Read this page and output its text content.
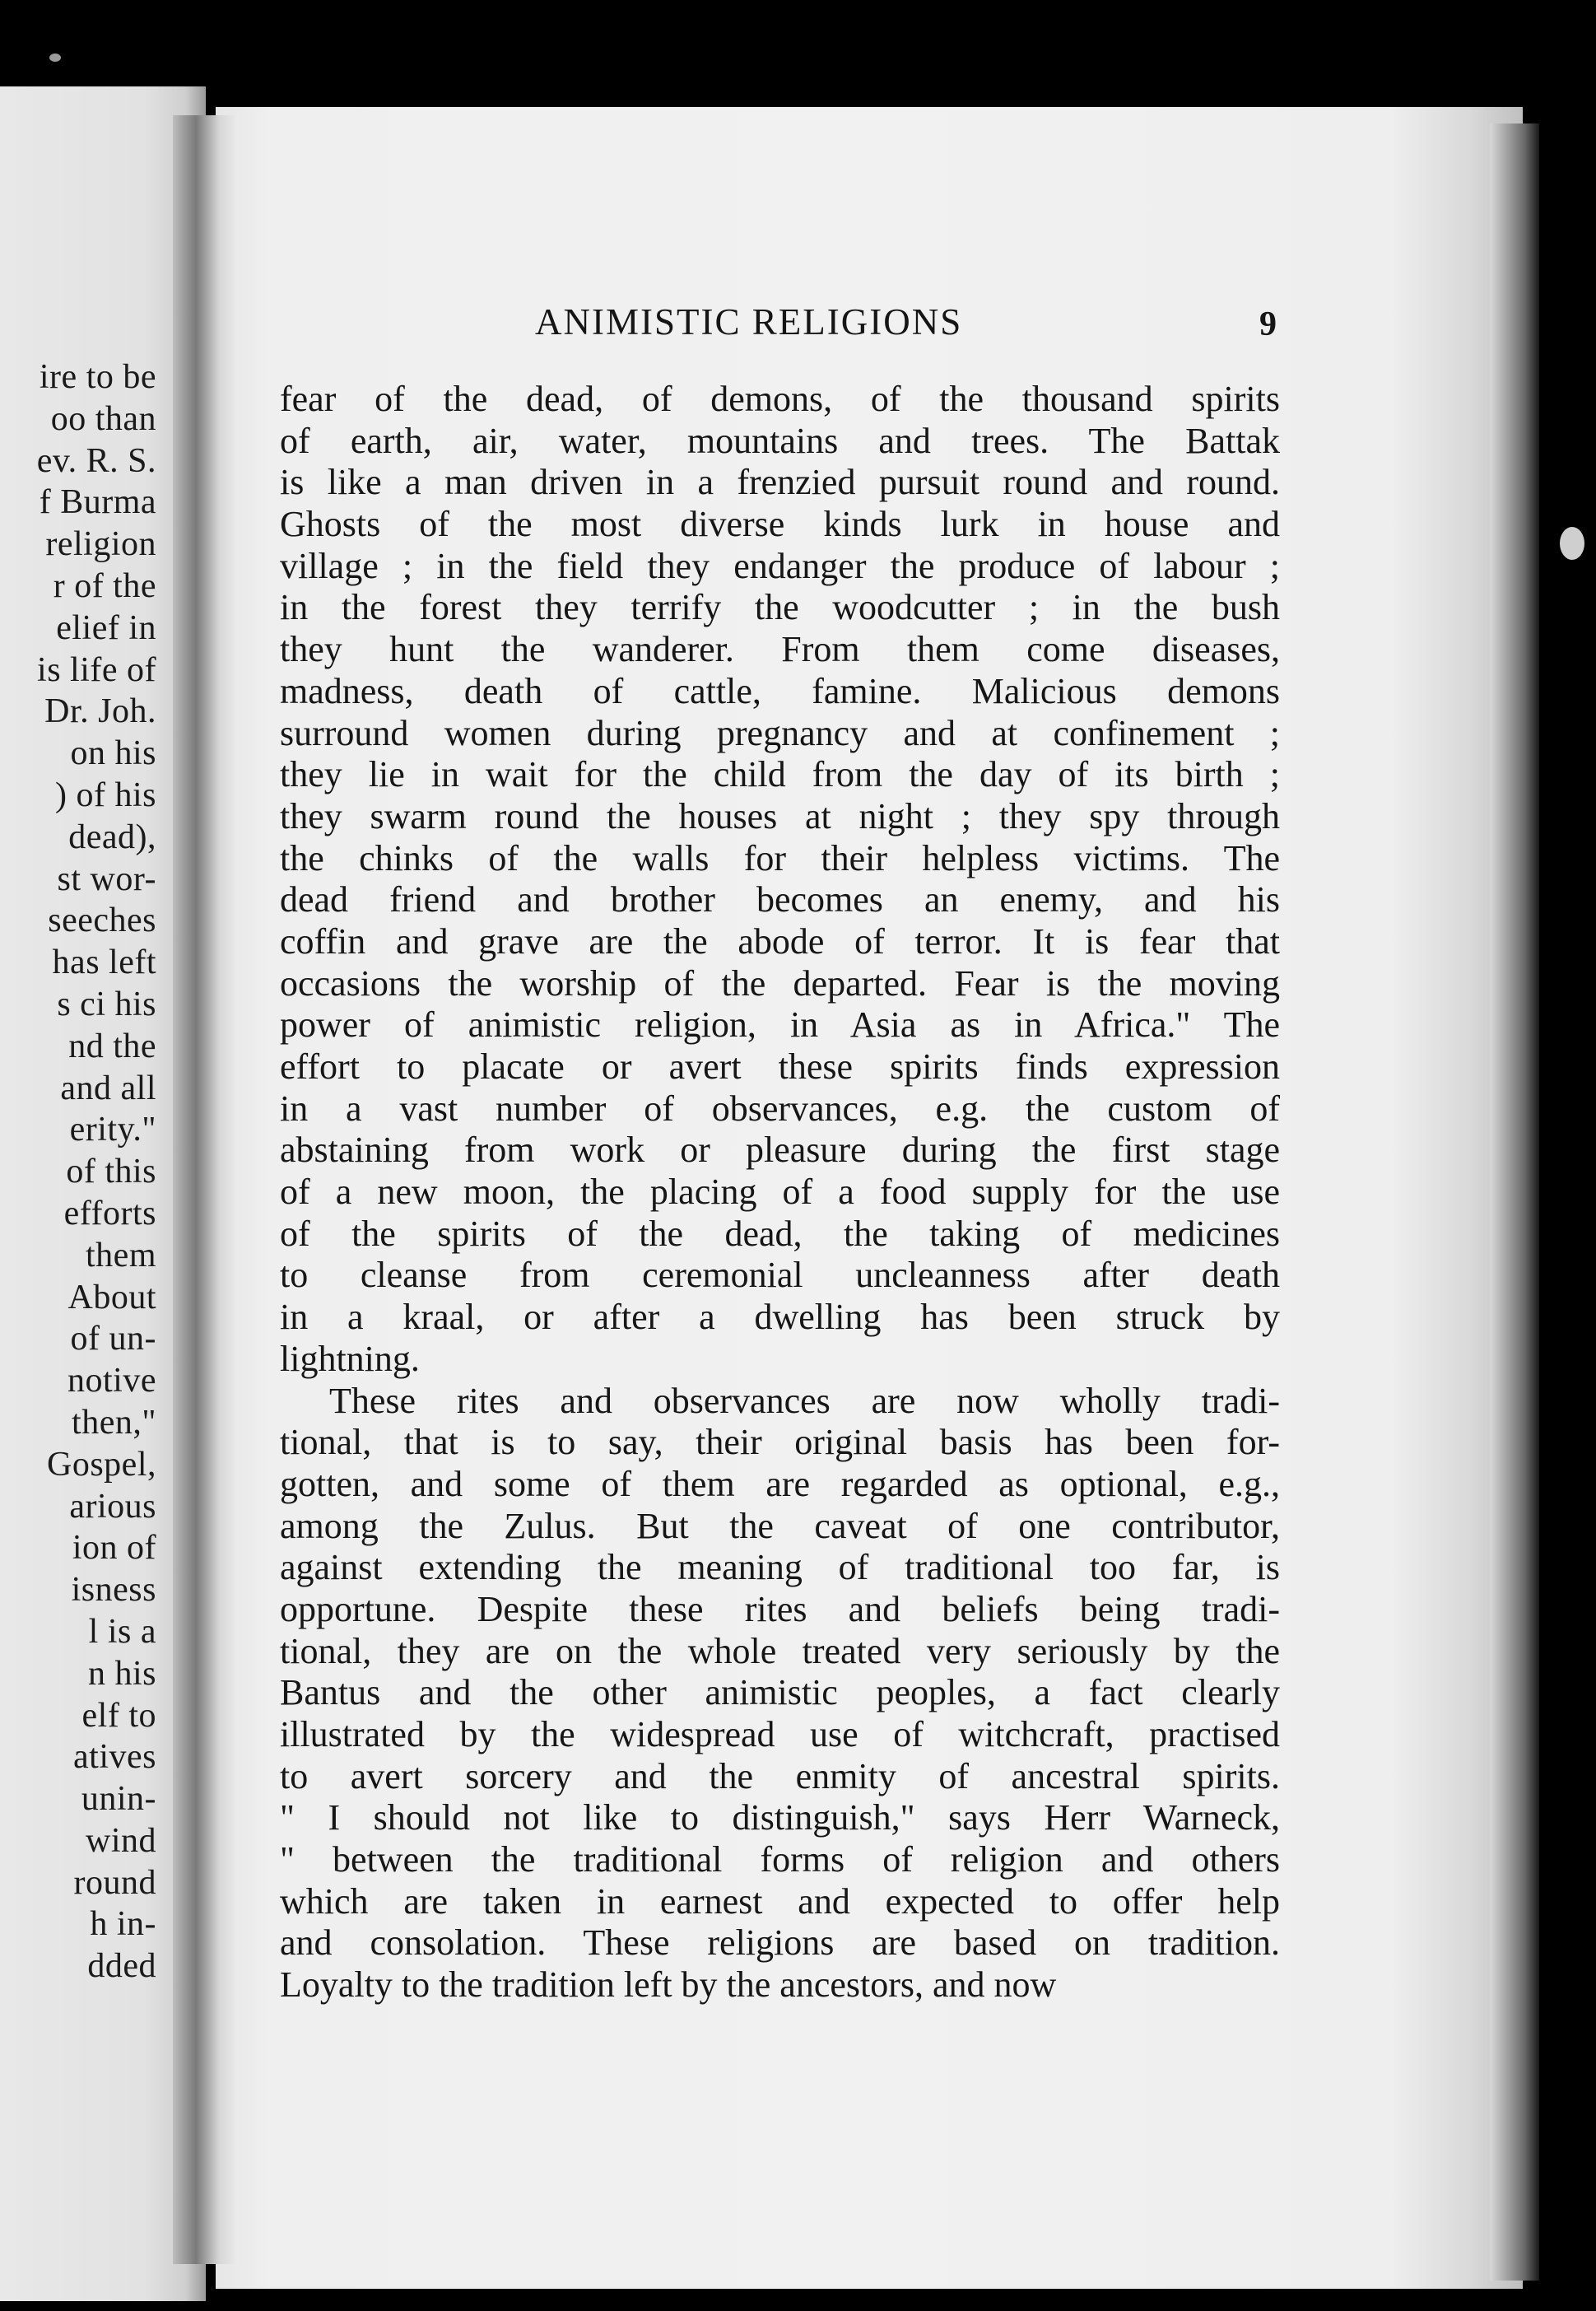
ire to be
oo than
ev. R. S.
f Burma
religion
r of the
elief in
is life of
Dr. Joh.
on his
) of his
dead),
st wor-
seeches
has left
s ci his
nd the
and all
erity."
of this
efforts
them
About
of un-
notive
then,"
Gospel,
arious
ion of
isness
l is a
n his
elf to
atives
unin-
wind
round
h in-
dded
ANIMISTIC RELIGIONS	9
fear of the dead, of demons, of the thousand spirits
of earth, air, water, mountains and trees. The Battak
is like a man driven in a frenzied pursuit round and round.
Ghosts of the most diverse kinds lurk in house and
village ; in the field they endanger the produce of labour ;
in the forest they terrify the woodcutter ; in the bush
they hunt the wanderer. From them come diseases,
madness, death of cattle, famine. Malicious demons
surround women during pregnancy and at confinement ;
they lie in wait for the child from the day of its birth ;
they swarm round the houses at night ; they spy through
the chinks of the walls for their helpless victims. The
dead friend and brother becomes an enemy, and his
coffin and grave are the abode of terror. It is fear that
occasions the worship of the departed. Fear is the moving
power of animistic religion, in Asia as in Africa." The
effort to placate or avert these spirits finds expression
in a vast number of observances, e.g. the custom of
abstaining from work or pleasure during the first stage
of a new moon, the placing of a food supply for the use
of the spirits of the dead, the taking of medicines
to cleanse from ceremonial uncleanness after death
in a kraal, or after a dwelling has been struck by
lightning.
These rites and observances are now wholly tradi-
tional, that is to say, their original basis has been for-
gotten, and some of them are regarded as optional, e.g.,
among the Zulus. But the caveat of one contributor,
against extending the meaning of traditional too far, is
opportune. Despite these rites and beliefs being tradi-
tional, they are on the whole treated very seriously by the
Bantus and the other animistic peoples, a fact clearly
illustrated by the widespread use of witchcraft, practised
to avert sorcery and the enmity of ancestral spirits.
" I should not like to distinguish," says Herr Warneck,
" between the traditional forms of religion and others
which are taken in earnest and expected to offer help
and consolation. These religions are based on tradition.
Loyalty to the tradition left by the ancestors, and now
